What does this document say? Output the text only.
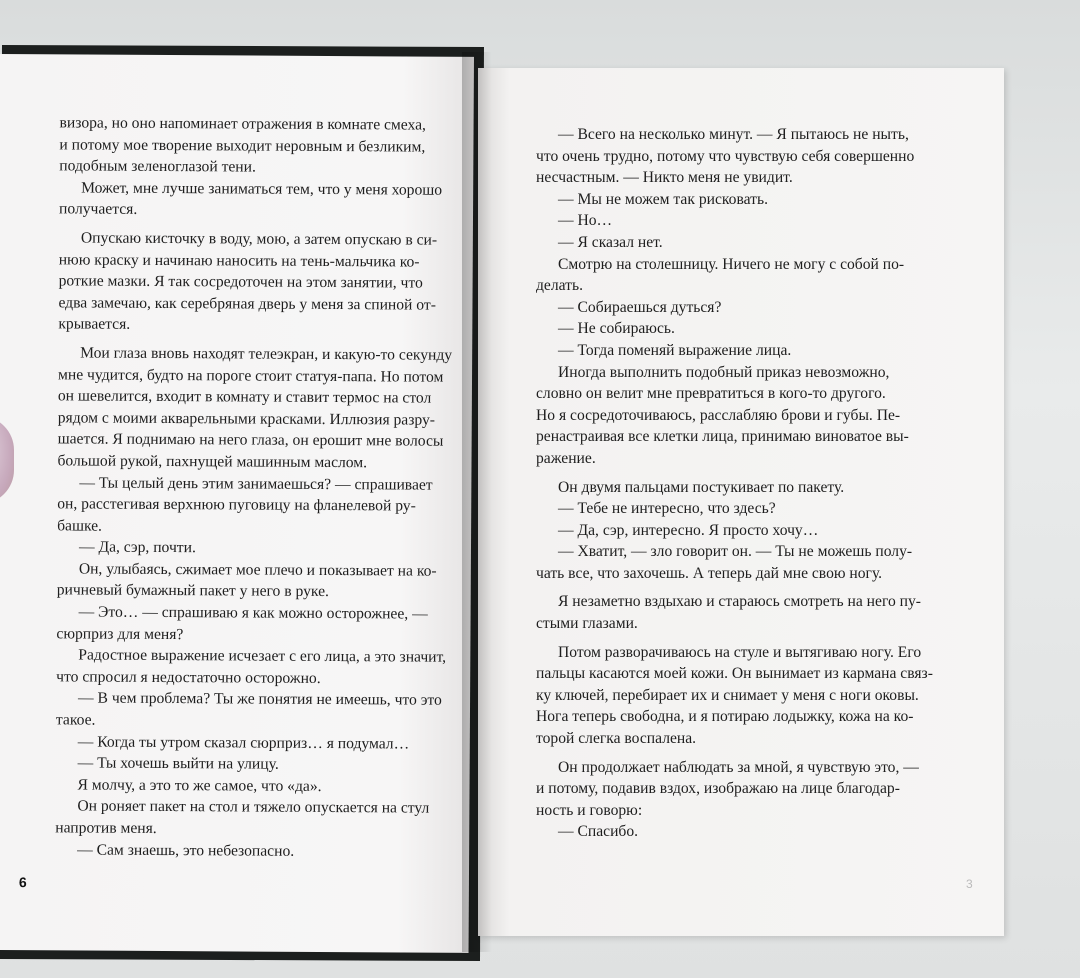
визора, но оно напоминает отражения в комнате смеха,

и потому мое творение выходит неровным и безликим,

подобным зеленоглазой тени.

Может, мне лучше заниматься тем, что у меня хорошо

получается.

Опускаю кисточку в воду, мою, а затем опускаю в си-

нюю краску и начинаю наносить на тень-мальчика ко-

роткие мазки. Я так сосредоточен на этом занятии, что

едва замечаю, как серебряная дверь у меня за спиной от-

крывается.

Мои глаза вновь находят телеэкран, и какую-то секунду

мне чудится, будто на пороге стоит статуя-папа. Но потом

он шевелится, входит в комнату и ставит термос на стол

рядом с моими акварельными красками. Иллюзия разру-

шается. Я поднимаю на него глаза, он ерошит мне волосы

большой рукой, пахнущей машинным маслом.

— Ты целый день этим занимаешься? — спрашивает

он, расстегивая верхнюю пуговицу на фланелевой ру-

башке.

— Да, сэр, почти.

Он, улыбаясь, сжимает мое плечо и показывает на ко-

ричневый бумажный пакет у него в руке.

— Это… — спрашиваю я как можно осторожнее, —

сюрприз для меня?

Радостное выражение исчезает с его лица, а это значит,

что спросил я недостаточно осторожно.

— В чем проблема? Ты же понятия не имеешь, что это

такое.

— Когда ты утром сказал сюрприз… я подумал…

— Ты хочешь выйти на улицу.

Я молчу, а это то же самое, что «да».

Он роняет пакет на стол и тяжело опускается на стул

напротив меня.

— Сам знаешь, это небезопасно.

6

— Всего на несколько минут. — Я пытаюсь не ныть,

что очень трудно, потому что чувствую себя совершенно

несчастным. — Никто меня не увидит.

— Мы не можем так рисковать.

— Но…

— Я сказал нет.

Смотрю на столешницу. Ничего не могу с собой по-

делать.

— Собираешься дуться?

— Не собираюсь.

— Тогда поменяй выражение лица.

Иногда выполнить подобный приказ невозможно,

словно он велит мне превратиться в кого-то другого.

Но я сосредоточиваюсь, расслабляю брови и губы. Пе-

ренастраивая все клетки лица, принимаю виноватое вы-

ражение.

Он двумя пальцами постукивает по пакету.

— Тебе не интересно, что здесь?

— Да, сэр, интересно. Я просто хочу…

— Хватит, — зло говорит он. — Ты не можешь полу-

чать все, что захочешь. А теперь дай мне свою ногу.

Я незаметно вздыхаю и стараюсь смотреть на него пу-

стыми глазами.

Потом разворачиваюсь на стуле и вытягиваю ногу. Его

пальцы касаются моей кожи. Он вынимает из кармана связ-

ку ключей, перебирает их и снимает у меня с ноги оковы.

Нога теперь свободна, и я потираю лодыжку, кожа на ко-

торой слегка воспалена.

Он продолжает наблюдать за мной, я чувствую это, —

и потому, подавив вздох, изображаю на лице благодар-

ность и говорю:

— Спасибо.

3
